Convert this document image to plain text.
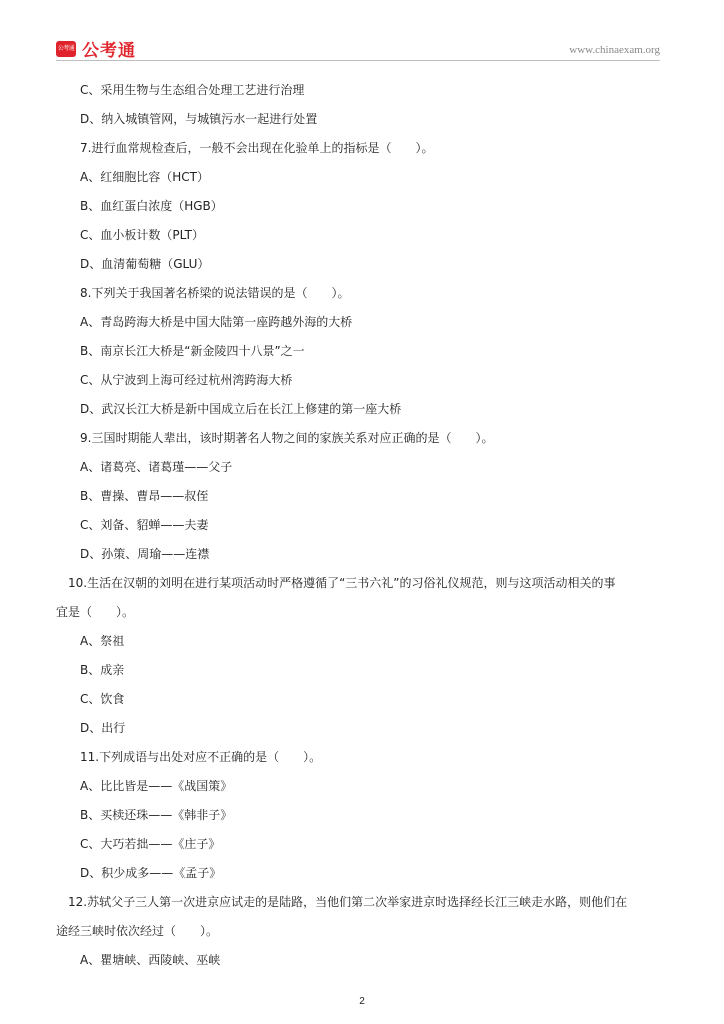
公考通 公考通	www.chinaexam.org
C、采用生物与生态组合处理工艺进行治理
D、纳入城镇管网，与城镇污水一起进行处置
7.进行血常规检查后，一般不会出现在化验单上的指标是（　　）。
A、红细胞比容（HCT）
B、血红蛋白浓度（HGB）
C、血小板计数（PLT）
D、血清葡萄糖（GLU）
8.下列关于我国著名桥梁的说法错误的是（　　）。
A、青岛跨海大桥是中国大陆第一座跨越外海的大桥
B、南京长江大桥是“新金陵四十八景”之一
C、从宁波到上海可经过杭州湾跨海大桥
D、武汉长江大桥是新中国成立后在长江上修建的第一座大桥
9.三国时期能人辈出，该时期著名人物之间的家族关系对应正确的是（　　）。
A、诸葛亮、诸葛瑾——父子
B、曹操、曹昂——叔侄
C、刘备、貂蝉——夫妻
D、孙策、周瑜——连襟
10.生活在汉朝的刘明在进行某项活动时严格遵循了“三书六礼”的习俗礼仪规范，则与这项活动相关的事
宜是（　　）。
A、祭祖
B、成亲
C、饮食
D、出行
11.下列成语与出处对应不正确的是（　　）。
A、比比皆是——《战国策》
B、买椟还珠——《韩非子》
C、大巧若拙——《庄子》
D、积少成多——《孟子》
12.苏轼父子三人第一次进京应试走的是陆路，当他们第二次举家进京时选择经长江三峡走水路，则他们在
途经三峡时依次经过（　　）。
A、瞿塘峡、西陵峡、巫峡
2
